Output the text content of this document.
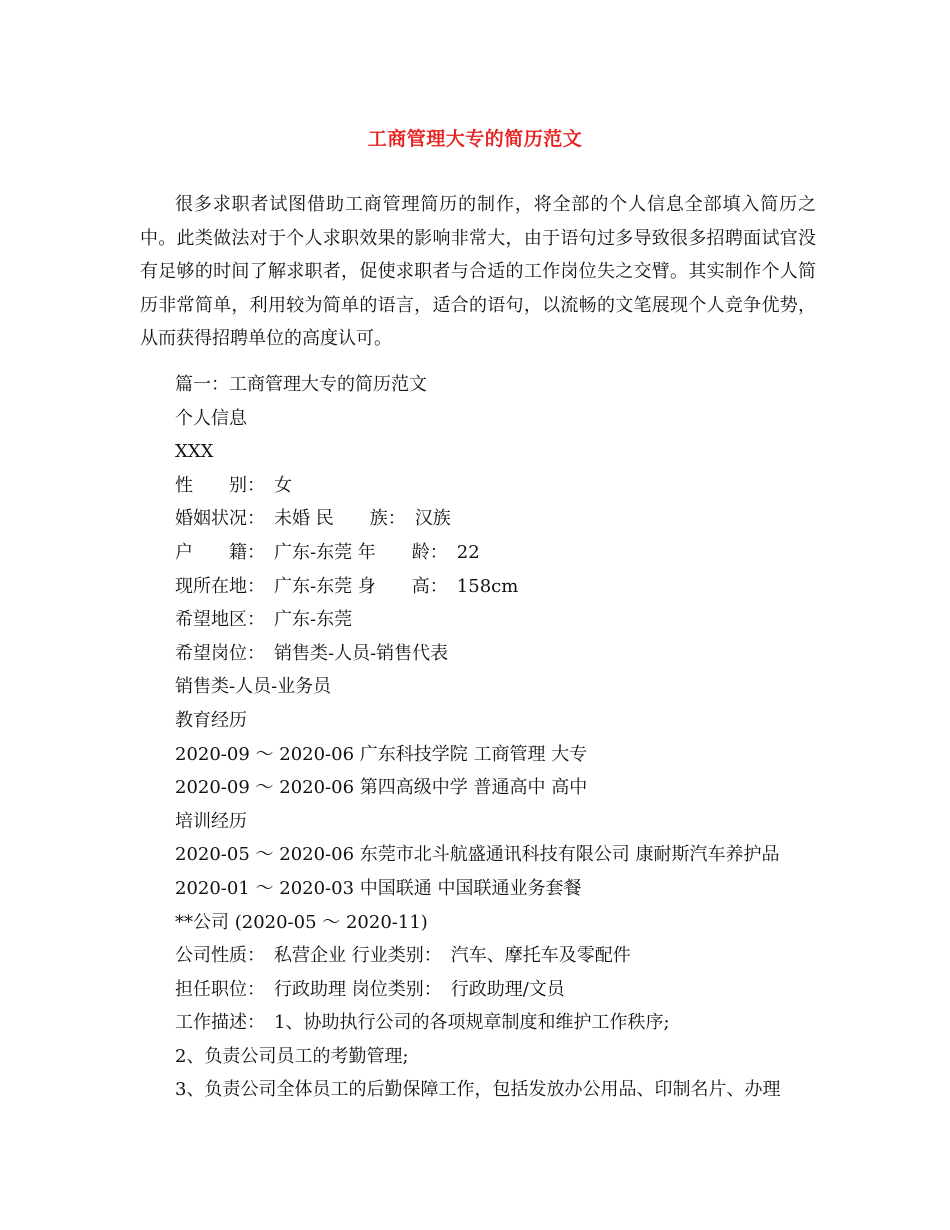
工商管理大专的简历范文

很多求职者试图借助工商管理简历的制作，将全部的个人信息全部填入简历之中。此类做法对于个人求职效果的影响非常大，由于语句过多导致很多招聘面试官没有足够的时间了解求职者，促使求职者与合适的工作岗位失之交臂。其实制作个人简历非常简单，利用较为简单的语言，适合的语句，以流畅的文笔展现个人竞争优势，从而获得招聘单位的高度认可。

篇一：工商管理大专的简历范文
个人信息
XXX
性　　别：　女
婚姻状况：　未婚 民　　族：　汉族
户　　籍：　广东-东莞 年　　龄：　22
现所在地：　广东-东莞 身　　高：　158cm
希望地区：　广东-东莞
希望岗位：　销售类-人员-销售代表
销售类-人员-业务员
教育经历
2020-09 ～ 2020-06 广东科技学院 工商管理 大专
2020-09 ～ 2020-06 第四高级中学 普通高中 高中
培训经历
2020-05 ～ 2020-06 东莞市北斗航盛通讯科技有限公司 康耐斯汽车养护品
2020-01 ～ 2020-03 中国联通 中国联通业务套餐
**公司 (2020-05 ～ 2020-11)
公司性质：　私营企业 行业类别：　汽车、摩托车及零配件
担任职位：　行政助理 岗位类别：　行政助理/文员
工作描述：　1、协助执行公司的各项规章制度和维护工作秩序;
2、负责公司员工的考勤管理;
3、负责公司全体员工的后勤保障工作，包括发放办公用品、印制名片、办理
